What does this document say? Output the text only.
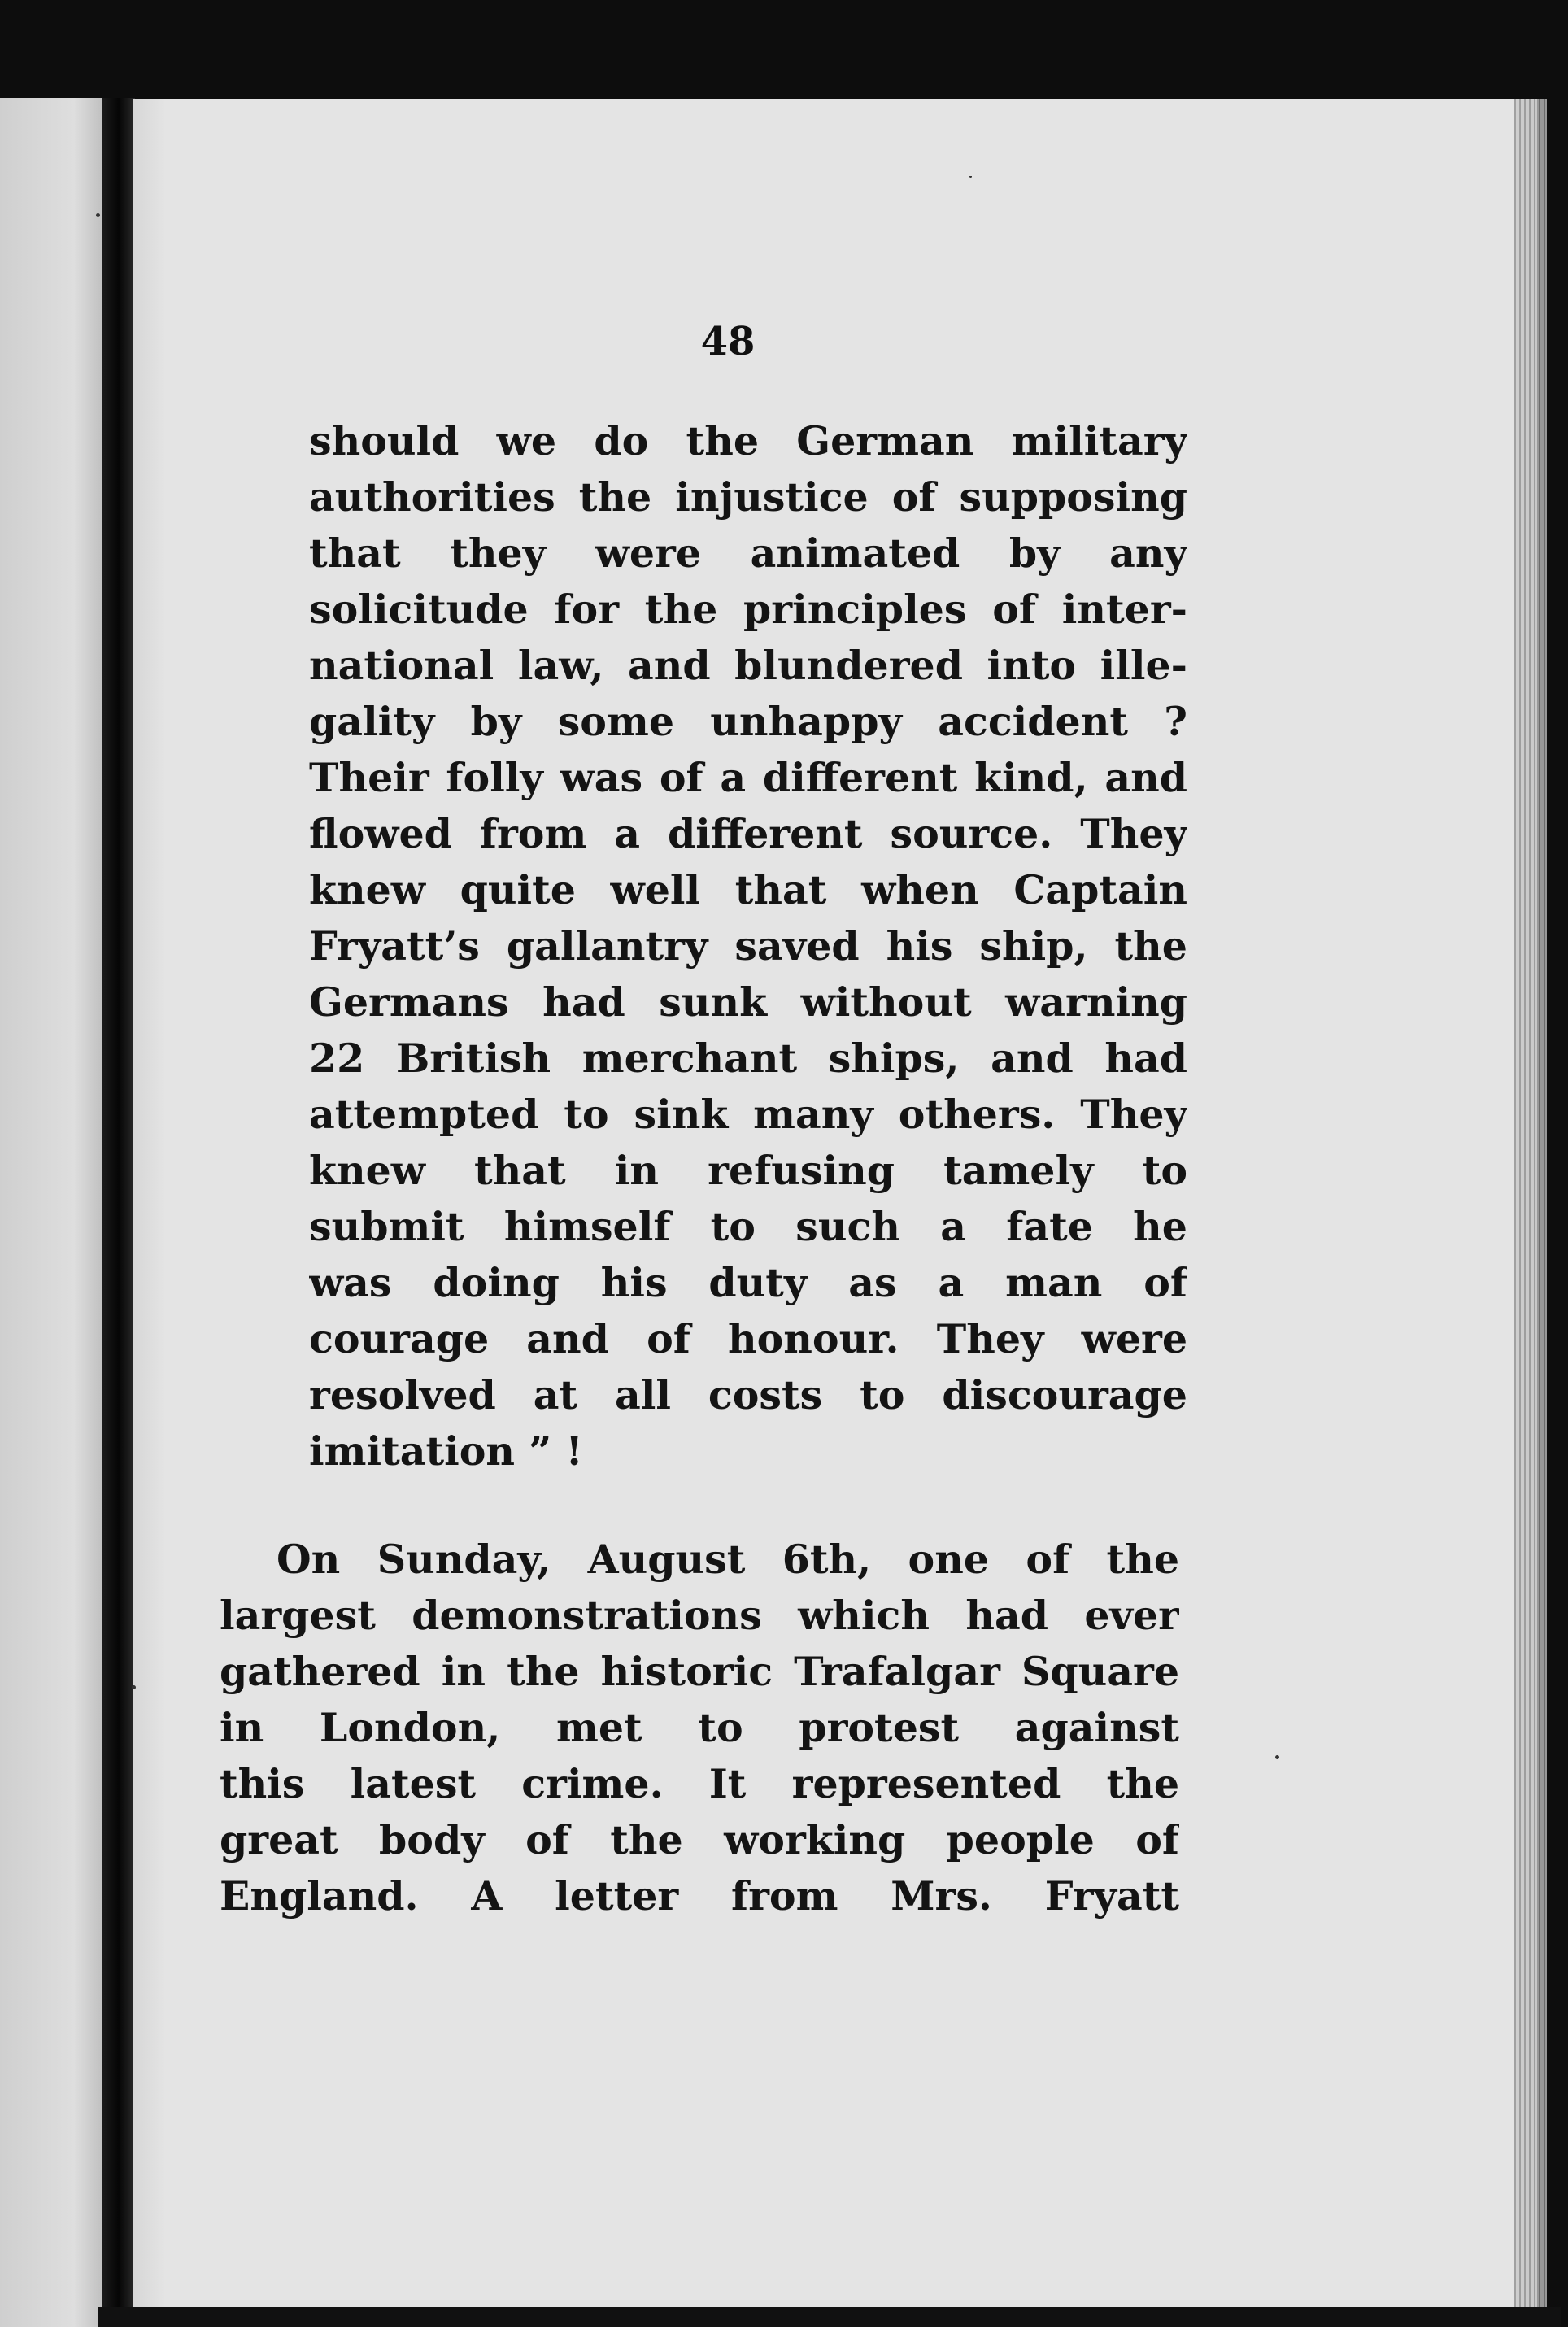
48
should we do the German military
authorities the injustice of supposing
that they were animated by any
solicitude for the principles of inter-
national law, and blundered into ille-
gality by some unhappy accident ?
Their folly was of a different kind, and
flowed from a different source. They
knew quite well that when Captain
Fryatt’s gallantry saved his ship, the
Germans had sunk without warning
22 British merchant ships, and had
attempted to sink many others. They
knew that in refusing tamely to
submit himself to such a fate he
was doing his duty as a man of
courage and of honour. They were
resolved at all costs to discourage
imitation ” !
On Sunday, August 6th, one of the
largest demonstrations which had ever
gathered in the historic Trafalgar Square
in London, met to protest against
this latest crime. It represented the
great body of the working people of
England. A letter from Mrs. Fryatt
